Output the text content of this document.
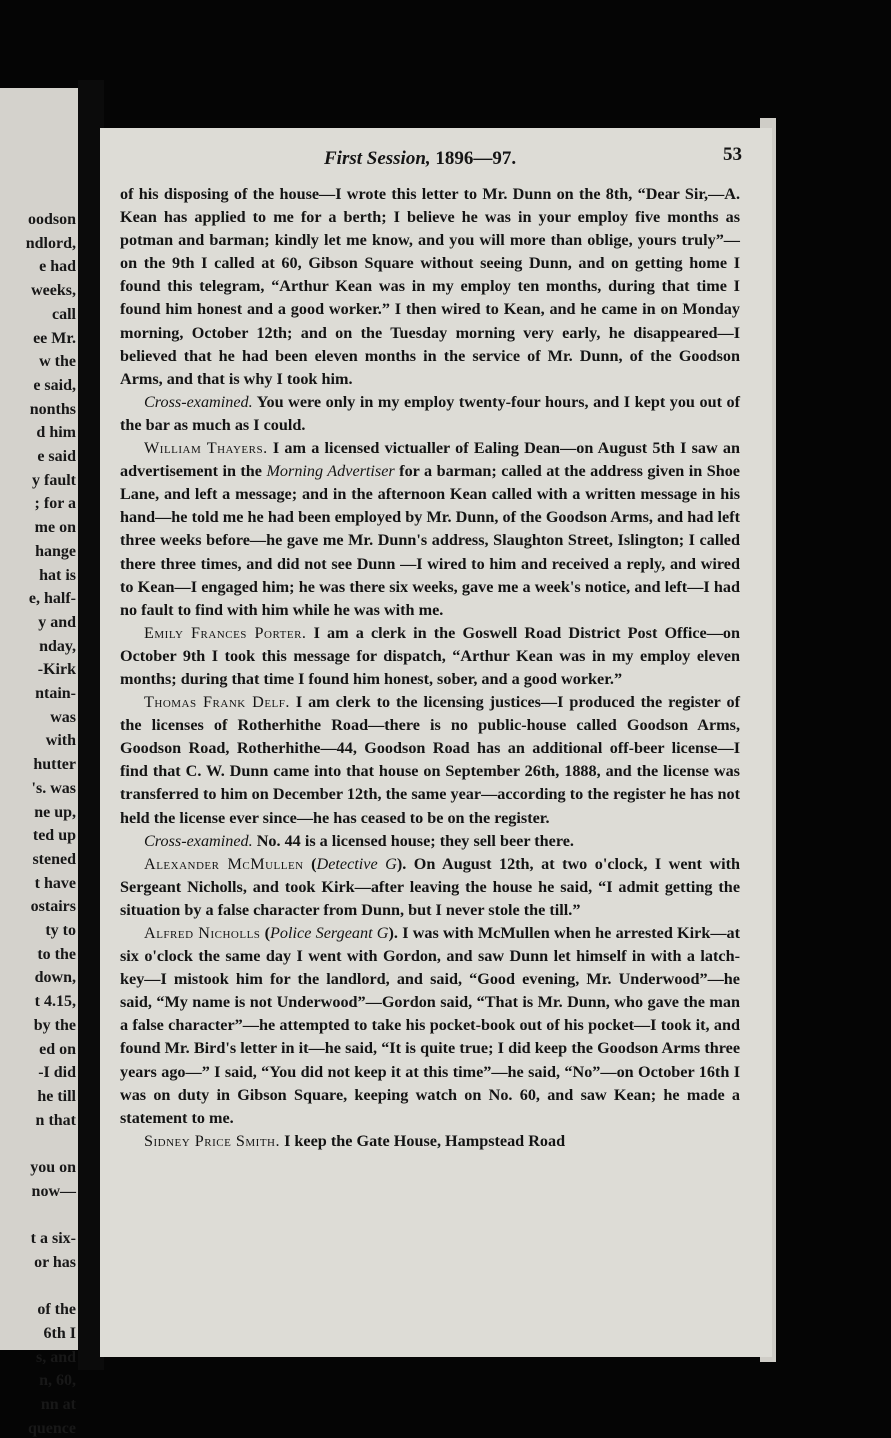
oodson
ndlord,
e had
weeks,
call
ee Mr.
w the
e said,
nonths
d him
e said
y fault
; for a
me on
hange
hat is
e, half-
y and
nday,
-Kirk
ntain-
was
with
hutter
's. was
ne up,
ted up
stened
t have
ostairs
ty to
to the
down,
t 4.15,
by the
ed on
-I did
he till
n that
you on
now—
t a six-
or has
of the
6th I
s, and
n, 60,
nn at
quence
First Session, 1896—97.	53

of his disposing of the house—I wrote this letter to Mr. Dunn on the 8th, “Dear Sir,—A. Kean has applied to me for a berth; I believe he was in your employ five months as potman and barman; kindly let me know, and you will more than oblige, yours truly”—on the 9th I called at 60, Gibson Square without seeing Dunn, and on getting home I found this telegram, “Arthur Kean was in my employ ten months, during that time I found him honest and a good worker.” I then wired to Kean, and he came in on Monday morning, October 12th; and on the Tuesday morning very early, he disappeared—I believed that he had been eleven months in the service of Mr. Dunn, of the Goodson Arms, and that is why I took him.

Cross-examined. You were only in my employ twenty-four hours, and I kept you out of the bar as much as I could.

William Thayers. I am a licensed victualler of Ealing Dean—on August 5th I saw an advertisement in the Morning Advertiser for a barman; called at the address given in Shoe Lane, and left a message; and in the afternoon Kean called with a written message in his hand—he told me he had been employed by Mr. Dunn, of the Goodson Arms, and had left three weeks before—he gave me Mr. Dunn's address, Slaughton Street, Islington; I called there three times, and did not see Dunn —I wired to him and received a reply, and wired to Kean—I engaged him; he was there six weeks, gave me a week's notice, and left—I had no fault to find with him while he was with me.

Emily Frances Porter. I am a clerk in the Goswell Road District Post Office—on October 9th I took this message for dispatch, “Arthur Kean was in my employ eleven months; during that time I found him honest, sober, and a good worker.”

Thomas Frank Delf. I am clerk to the licensing justices—I produced the register of the licenses of Rotherhithe Road—there is no public-house called Goodson Arms, Goodson Road, Rotherhithe—44, Goodson Road has an additional off-beer license—I find that C. W. Dunn came into that house on September 26th, 1888, and the license was transferred to him on December 12th, the same year—according to the register he has not held the license ever since—he has ceased to be on the register.

Cross-examined. No. 44 is a licensed house; they sell beer there.

Alexander McMullen (Detective G). On August 12th, at two o'clock, I went with Sergeant Nicholls, and took Kirk—after leaving the house he said, “I admit getting the situation by a false character from Dunn, but I never stole the till.”

Alfred Nicholls (Police Sergeant G). I was with McMullen when he arrested Kirk—at six o'clock the same day I went with Gordon, and saw Dunn let himself in with a latch-key—I mistook him for the landlord, and said, “Good evening, Mr. Underwood”—he said, “My name is not Underwood”—Gordon said, “That is Mr. Dunn, who gave the man a false character”—he attempted to take his pocket-book out of his pocket—I took it, and found Mr. Bird's letter in it—he said, “It is quite true; I did keep the Goodson Arms three years ago—” I said, “You did not keep it at this time”—he said, “No”—on October 16th I was on duty in Gibson Square, keeping watch on No. 60, and saw Kean; he made a statement to me.

Sidney Price Smith. I keep the Gate House, Hampstead Road
